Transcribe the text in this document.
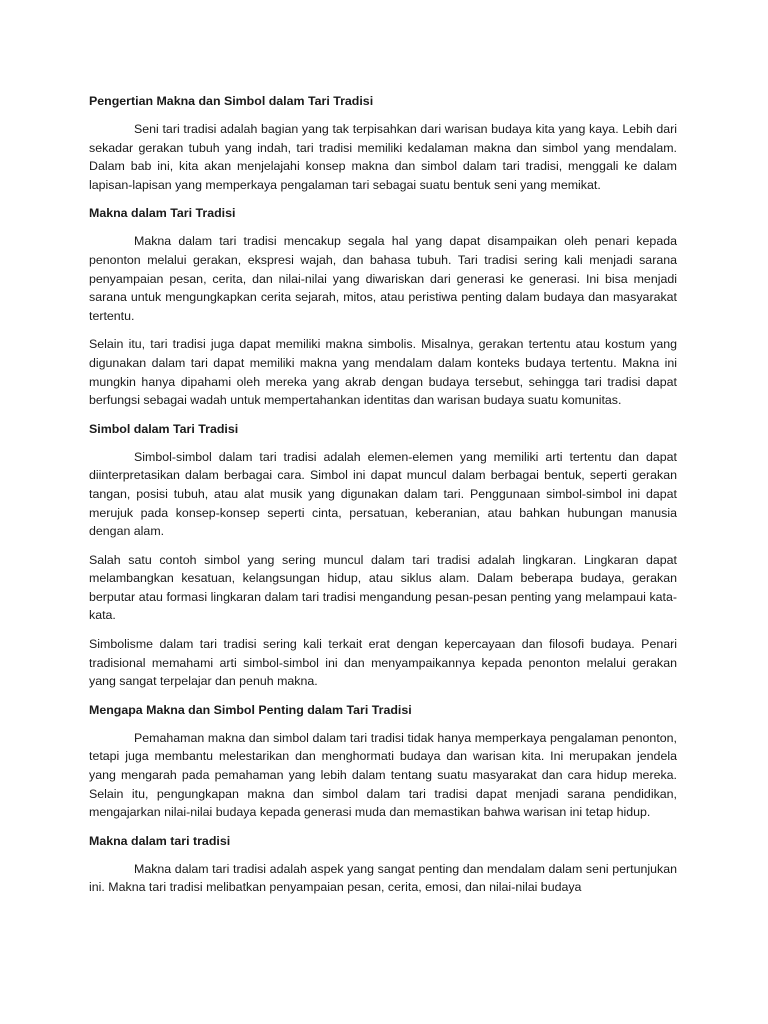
Pengertian Makna dan Simbol dalam Tari Tradisi
Seni tari tradisi adalah bagian yang tak terpisahkan dari warisan budaya kita yang kaya. Lebih dari sekadar gerakan tubuh yang indah, tari tradisi memiliki kedalaman makna dan simbol yang mendalam. Dalam bab ini, kita akan menjelajahi konsep makna dan simbol dalam tari tradisi, menggali ke dalam lapisan-lapisan yang memperkaya pengalaman tari sebagai suatu bentuk seni yang memikat.
Makna dalam Tari Tradisi
Makna dalam tari tradisi mencakup segala hal yang dapat disampaikan oleh penari kepada penonton melalui gerakan, ekspresi wajah, dan bahasa tubuh. Tari tradisi sering kali menjadi sarana penyampaian pesan, cerita, dan nilai-nilai yang diwariskan dari generasi ke generasi. Ini bisa menjadi sarana untuk mengungkapkan cerita sejarah, mitos, atau peristiwa penting dalam budaya dan masyarakat tertentu.
Selain itu, tari tradisi juga dapat memiliki makna simbolis. Misalnya, gerakan tertentu atau kostum yang digunakan dalam tari dapat memiliki makna yang mendalam dalam konteks budaya tertentu. Makna ini mungkin hanya dipahami oleh mereka yang akrab dengan budaya tersebut, sehingga tari tradisi dapat berfungsi sebagai wadah untuk mempertahankan identitas dan warisan budaya suatu komunitas.
Simbol dalam Tari Tradisi
Simbol-simbol dalam tari tradisi adalah elemen-elemen yang memiliki arti tertentu dan dapat diinterpretasikan dalam berbagai cara. Simbol ini dapat muncul dalam berbagai bentuk, seperti gerakan tangan, posisi tubuh, atau alat musik yang digunakan dalam tari. Penggunaan simbol-simbol ini dapat merujuk pada konsep-konsep seperti cinta, persatuan, keberanian, atau bahkan hubungan manusia dengan alam.
Salah satu contoh simbol yang sering muncul dalam tari tradisi adalah lingkaran. Lingkaran dapat melambangkan kesatuan, kelangsungan hidup, atau siklus alam. Dalam beberapa budaya, gerakan berputar atau formasi lingkaran dalam tari tradisi mengandung pesan-pesan penting yang melampaui kata-kata.
Simbolisme dalam tari tradisi sering kali terkait erat dengan kepercayaan dan filosofi budaya. Penari tradisional memahami arti simbol-simbol ini dan menyampaikannya kepada penonton melalui gerakan yang sangat terpelajar dan penuh makna.
Mengapa Makna dan Simbol Penting dalam Tari Tradisi
Pemahaman makna dan simbol dalam tari tradisi tidak hanya memperkaya pengalaman penonton, tetapi juga membantu melestarikan dan menghormati budaya dan warisan kita. Ini merupakan jendela yang mengarah pada pemahaman yang lebih dalam tentang suatu masyarakat dan cara hidup mereka. Selain itu, pengungkapan makna dan simbol dalam tari tradisi dapat menjadi sarana pendidikan, mengajarkan nilai-nilai budaya kepada generasi muda dan memastikan bahwa warisan ini tetap hidup.
Makna dalam tari tradisi
Makna dalam tari tradisi adalah aspek yang sangat penting dan mendalam dalam seni pertunjukan ini. Makna tari tradisi melibatkan penyampaian pesan, cerita, emosi, dan nilai-nilai budaya
